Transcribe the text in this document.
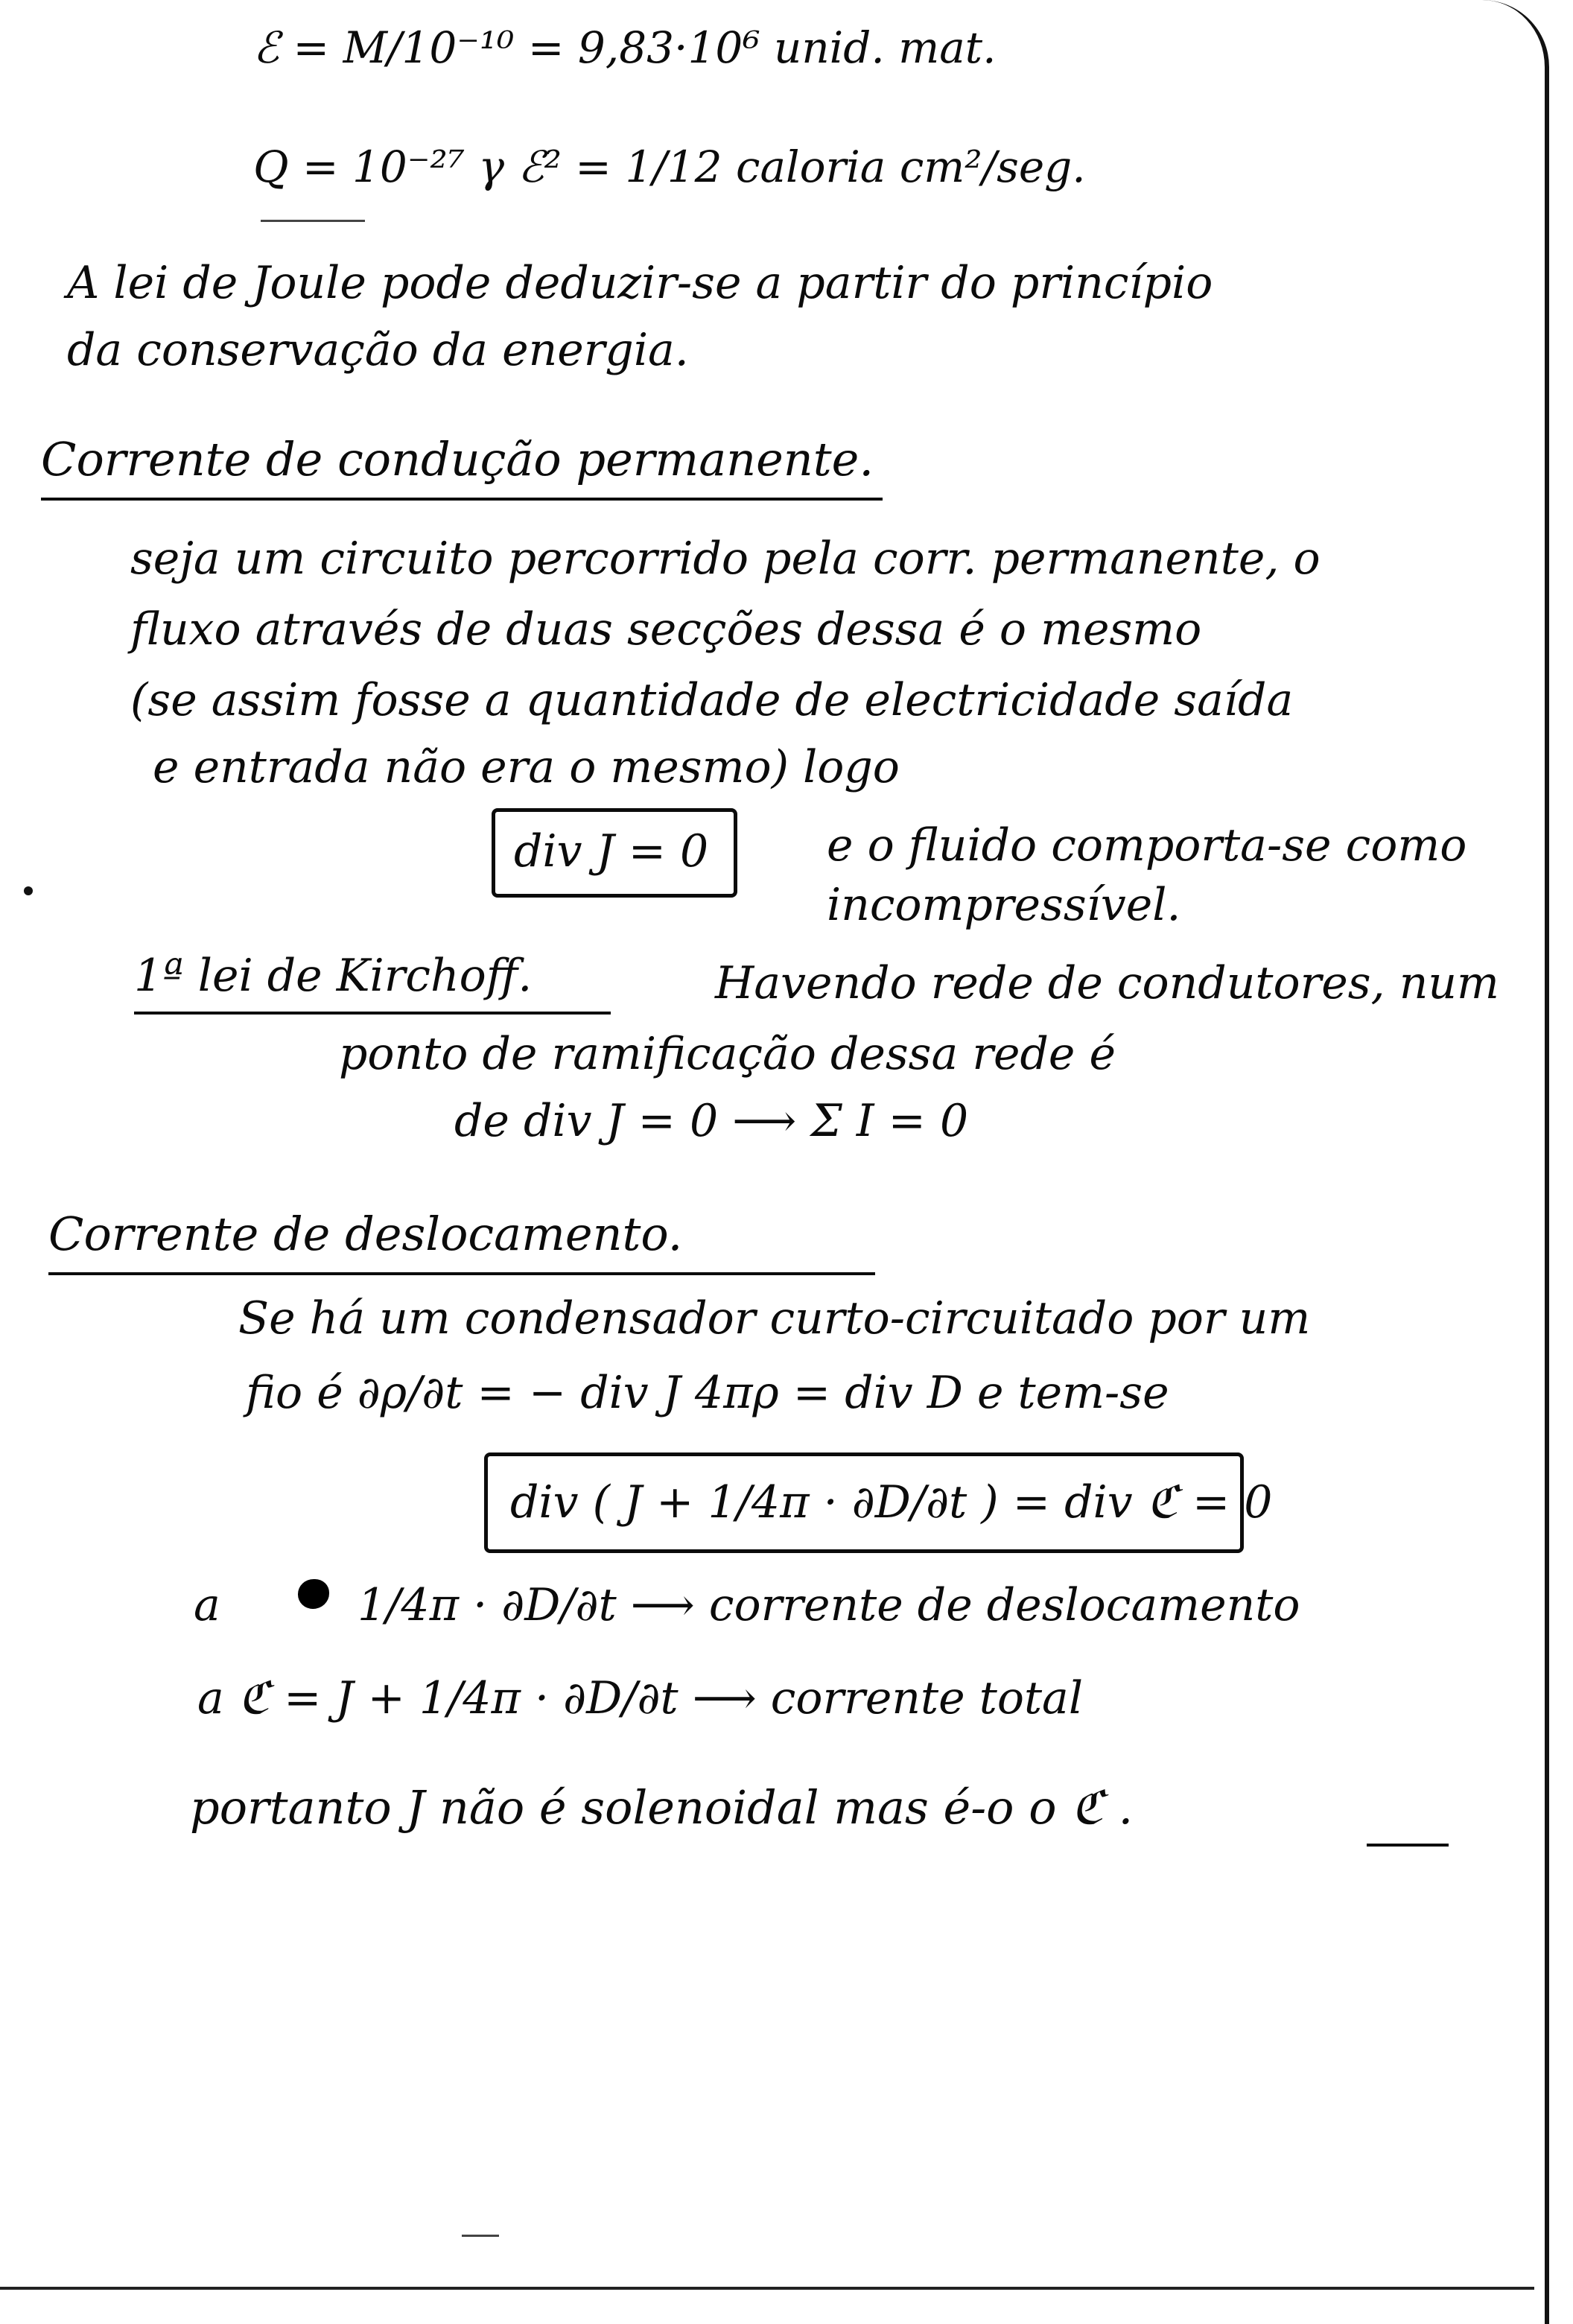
ℰ = M/10⁻¹⁰ = 9,83·10⁶ unid. mat.
Q = 10⁻²⁷ γ ℰ² = 1/12 caloria cm²/seg.
A lei de Joule pode deduzir-se a partir do princípio
da conservação da energia.
Corrente de condução permanente.
seja um circuito percorrido pela corr. permanente, o
fluxo através de duas secções dessa é o mesmo
(se assim fosse a quantidade de electricidade saída
e entrada não era o mesmo) logo
div J = 0	e o fluido comporta-se como
incompressível.
1ª lei de Kirchoff.	Havendo rede de condutores, num
ponto de ramificação dessa rede é
de div J = 0 ⟶ Σ I = 0
Corrente de deslocamento.
Se há um condensador curto-circuitado por um
fio é ∂ρ/∂t = − div J 4πρ = div D e tem-se
div ( J + 1/4π · ∂D/∂t ) = div ℭ = 0
a	1/4π · ∂D/∂t ⟶ corrente de deslocamento
a ℭ = J + 1/4π · ∂D/∂t ⟶ corrente total
portanto J não é solenoidal mas é-o o ℭ .
